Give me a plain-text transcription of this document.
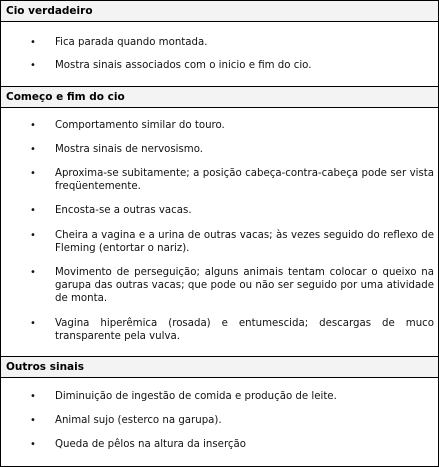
Cio verdadeiro
• Fica parada quando montada.
• Mostra sinais associados com o inicio e fim do cio.
Começo e fim do cio
• Comportamento similar do touro.
• Mostra sinais de nervosismo.
• Aproxima-se subitamente; a posição cabeça-contra-cabeça pode ser vista freqüentemente.
• Encosta-se a outras vacas.
• Cheira a vagina e a urina de outras vacas; às vezes seguido do reflexo de Fleming (entortar o nariz).
• Movimento de perseguição; alguns animais tentam colocar o queixo na garupa das outras vacas; que pode ou não ser seguido por uma atividade de monta.
• Vagina hiperêmica (rosada) e entumescida; descargas de muco transparente pela vulva.
Outros sinais
• Diminuição de ingestão de comida e produção de leite.
• Animal sujo (esterco na garupa).
• Queda de pêlos na altura da inserção
